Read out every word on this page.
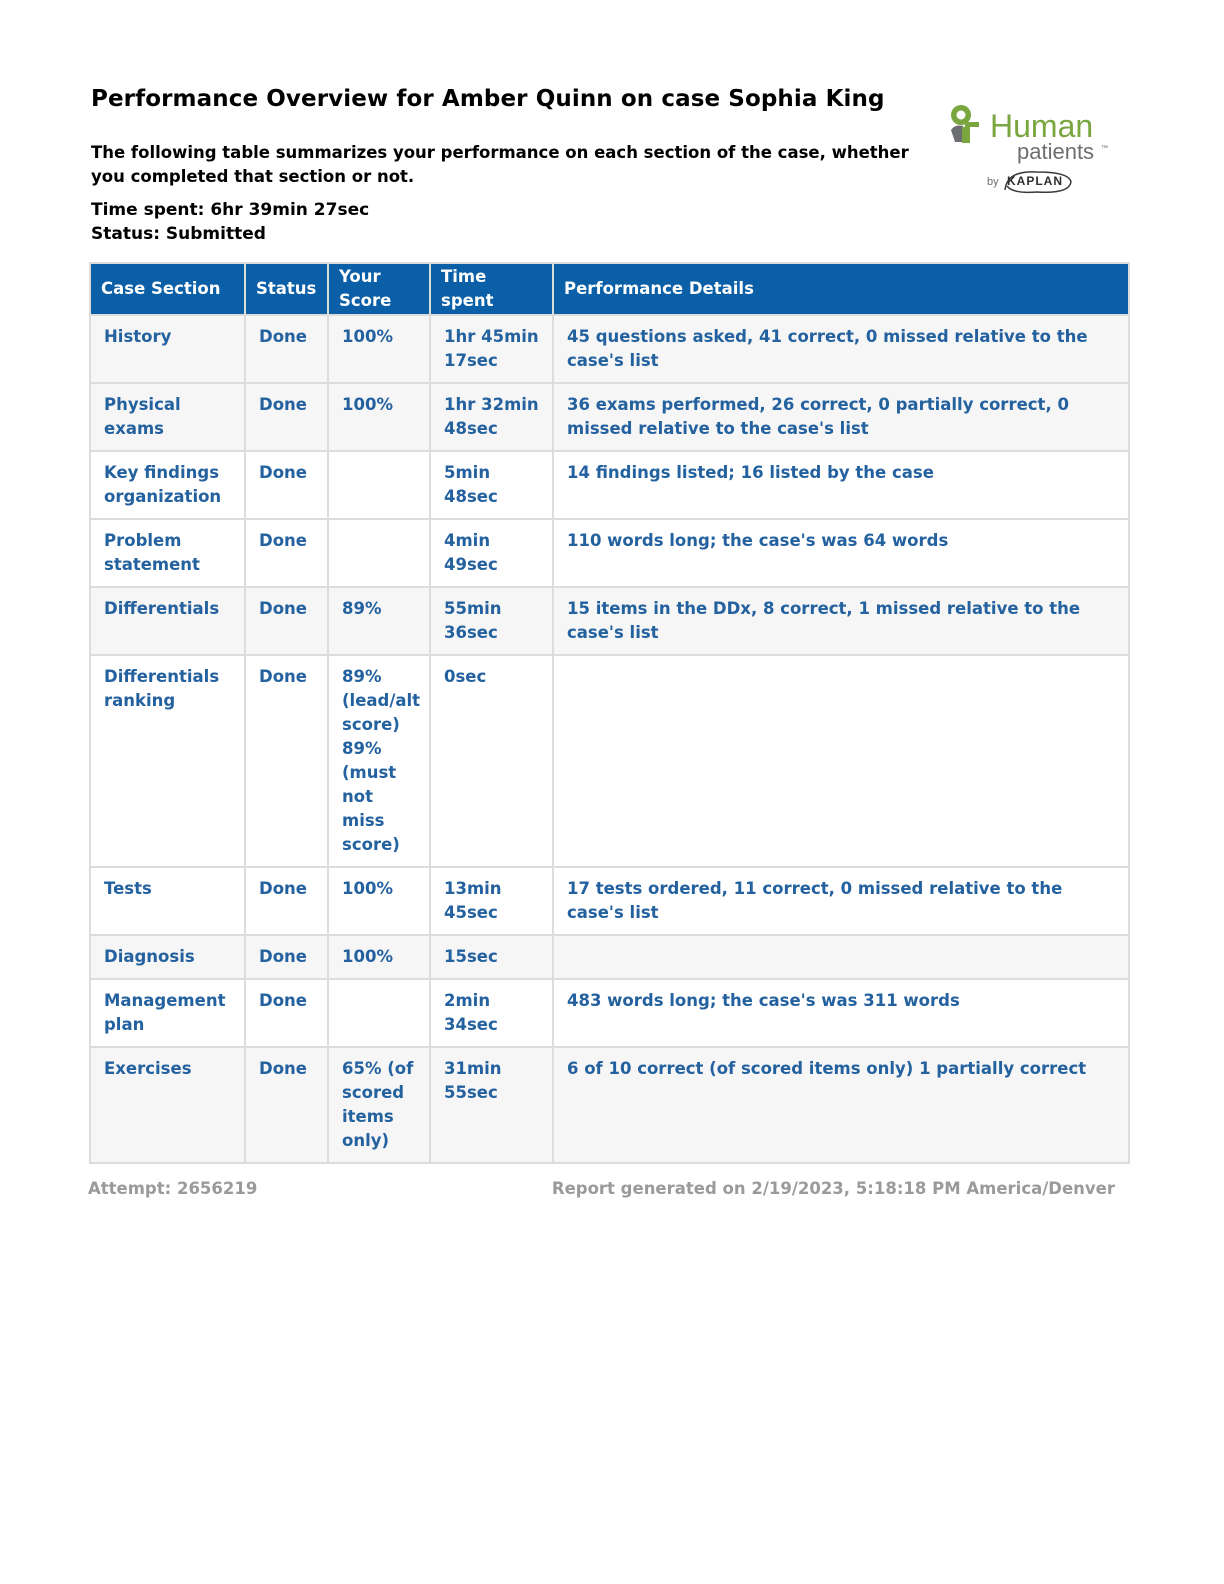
Performance Overview for Amber Quinn on case Sophia King
The following table summarizes your performance on each section of the case, whether you completed that section or not.
Time spent: 6hr 39min 27sec
Status: Submitted
Human
patients ™
by KAPLAN
Case Section	Status	Your Score	Time spent	Performance Details
History	Done	100%	1hr 45min 17sec	45 questions asked, 41 correct, 0 missed relative to the case's list
Physical exams	Done	100%	1hr 32min 48sec	36 exams performed, 26 correct, 0 partially correct, 0 missed relative to the case's list
Key findings organization	Done		5min 48sec	14 findings listed; 16 listed by the case
Problem statement	Done		4min 49sec	110 words long; the case's was 64 words
Differentials	Done	89%	55min 36sec	15 items in the DDx, 8 correct, 1 missed relative to the case's list
Differentials ranking	Done	89% (lead/alt score) 89% (must not miss score)	0sec	
Tests	Done	100%	13min 45sec	17 tests ordered, 11 correct, 0 missed relative to the case's list
Diagnosis	Done	100%	15sec	
Management plan	Done		2min 34sec	483 words long; the case's was 311 words
Exercises	Done	65% (of scored items only)	31min 55sec	6 of 10 correct (of scored items only) 1 partially correct
Attempt: 2656219	Report generated on 2/19/2023, 5:18:18 PM America/Denver
